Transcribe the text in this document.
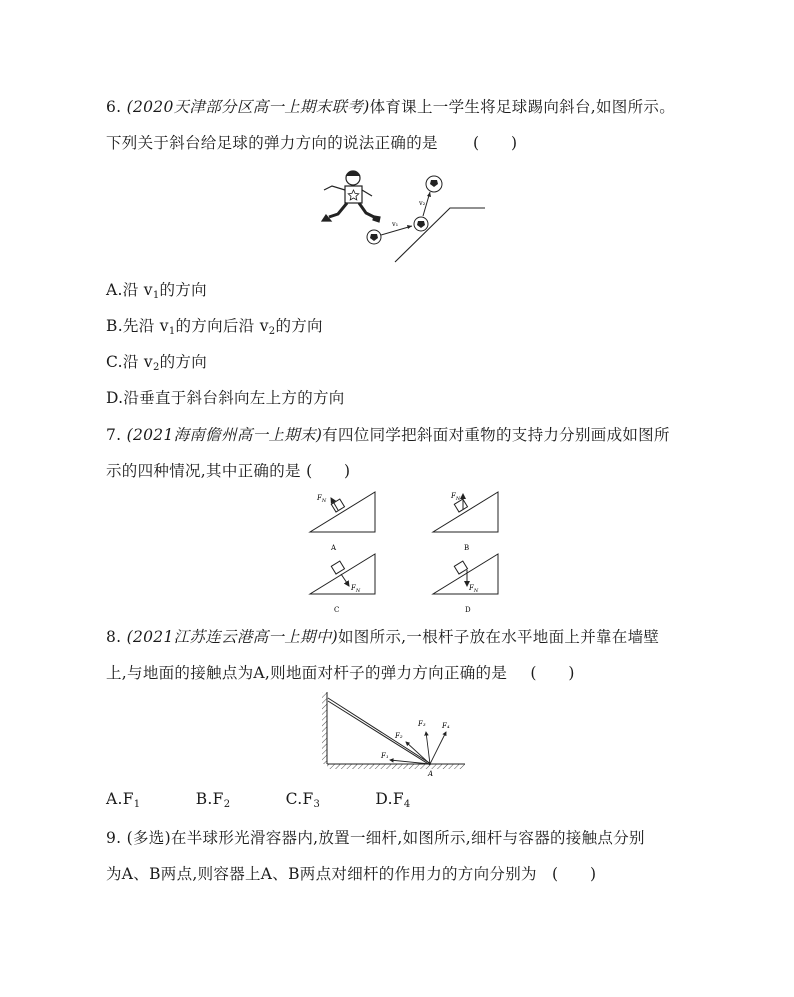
6. (2020天津部分区高一上期末联考)体育课上一学生将足球踢向斜台,如图所示。
下列关于斜台给足球的弹力方向的说法正确的是 (　　)
v₁
v₂
A.沿 $v_1$的方向
B.先沿 $v_1$的方向后沿 $v_2$的方向
C.沿 $v_2$的方向
D.沿垂直于斜台斜向左上方的方向
7. (2021海南儋州高一上期末)有四位同学把斜面对重物的支持力分别画成如图所
示的四种情况,其中正确的是 (　　)
$F_N$
A
$F_N$
B
$F_N$
C
$F_N$
D
8. (2021江苏连云港高一上期中)如图所示,一根杆子放在水平地面上并靠在墙壁
上,与地面的接触点为A,则地面对杆子的弹力方向正确的是 (　　)
F₁
F₂
F₃ F₄
A
$A.F_1$	$B.F_2$	$C.F_3$	$D.F_4$
9. (多选)在半球形光滑容器内,放置一细杆,如图所示,细杆与容器的接触点分别
为A、B两点,则容器上A、B两点对细杆的作用力的方向分别为 (　　)
